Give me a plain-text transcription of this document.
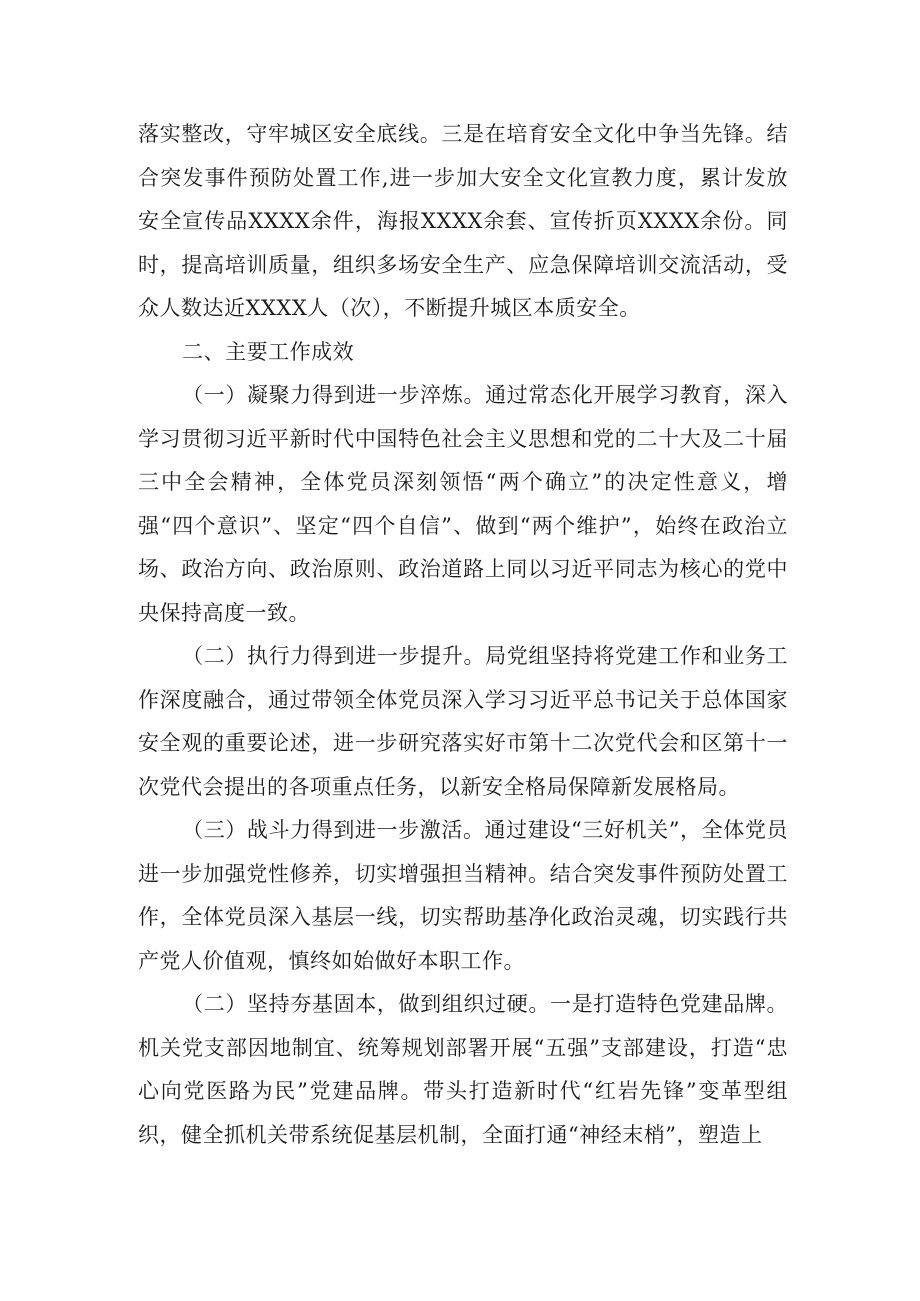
落实整改，守牢城区安全底线。三是在培育安全文化中争当先锋。结合突发事件预防处置工作,进一步加大安全文化宣教力度，累计发放安全宣传品XXXX余件，海报XXXX余套、宣传折页XXXX余份。同时，提高培训质量，组织多场安全生产、应急保障培训交流活动，受众人数达近XXXX人（次），不断提升城区本质安全。

二、主要工作成效

（一）凝聚力得到进一步淬炼。通过常态化开展学习教育，深入学习贯彻习近平新时代中国特色社会主义思想和党的二十大及二十届三中全会精神，全体党员深刻领悟“两个确立”的决定性意义，增强“四个意识”、坚定“四个自信”、做到“两个维护”，始终在政治立场、政治方向、政治原则、政治道路上同以习近平同志为核心的党中央保持高度一致。

（二）执行力得到进一步提升。局党组坚持将党建工作和业务工作深度融合，通过带领全体党员深入学习习近平总书记关于总体国家安全观的重要论述，进一步研究落实好市第十二次党代会和区第十一次党代会提出的各项重点任务，以新安全格局保障新发展格局。

（三）战斗力得到进一步激活。通过建设“三好机关”，全体党员进一步加强党性修养，切实增强担当精神。结合突发事件预防处置工作，全体党员深入基层一线，切实帮助基净化政治灵魂，切实践行共产党人价值观，慎终如始做好本职工作。

（二）坚持夯基固本，做到组织过硬。一是打造特色党建品牌。机关党支部因地制宜、统筹规划部署开展“五强”支部建设，打造“忠心向党医路为民”党建品牌。带头打造新时代“红岩先锋”变革型组织，健全抓机关带系统促基层机制，全面打通“神经末梢”，塑造上
